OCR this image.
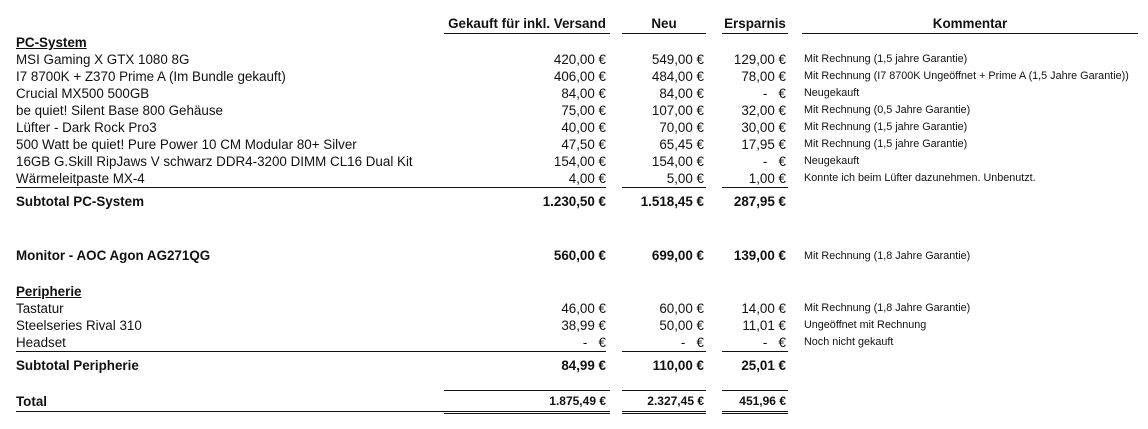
Gekauft für inkl. Versand	Neu	Ersparnis	Kommentar
PC-System
MSI Gaming X GTX 1080 8G	420,00 €	549,00 €	129,00 € Mit Rechnung (1,5 jahre Garantie)
I7 8700K + Z370 Prime A (Im Bundle gekauft)	406,00 €	484,00 €	78,00 € Mit Rechnung (I7 8700K Ungeöffnet + Prime A (1,5 Jahre Garantie))
Crucial MX500 500GB	84,00 €	84,00 €	-   € Neugekauft
be quiet! Silent Base 800 Gehäuse	75,00 €	107,00 €	32,00 € Mit Rechnung (0,5 Jahre Garantie)
Lüfter - Dark Rock Pro3	40,00 €	70,00 €	30,00 € Mit Rechnung (1,5 jahre Garantie)
500 Watt be quiet! Pure Power 10 CM Modular 80+ Silver	47,50 €	65,45 €	17,95 € Mit Rechnung (1,5 jahre Garantie)
16GB G.Skill RipJaws V schwarz DDR4-3200 DIMM CL16 Dual Kit	154,00 €	154,00 €	-   € Neugekauft
Wärmeleitpaste MX-4	4,00 €	5,00 €	1,00 € Konnte ich beim Lüfter dazunehmen. Unbenutzt.
Subtotal PC-System	1.230,50 €	1.518,45 €	287,95 €
Monitor - AOC Agon AG271QG	560,00 €	699,00 €	139,00 € Mit Rechnung (1,8 Jahre Garantie)
Peripherie
Tastatur	46,00 €	60,00 €	14,00 € Mit Rechnung (1,8 Jahre Garantie)
Steelseries Rival 310	38,99 €	50,00 €	11,01 € Ungeöffnet mit Rechnung
Headset	-   €	-   €	-   € Noch nicht gekauft
Subtotal Peripherie	84,99 €	110,00 €	25,01 €
Total	1.875,49 €	2.327,45 €	451,96 €
